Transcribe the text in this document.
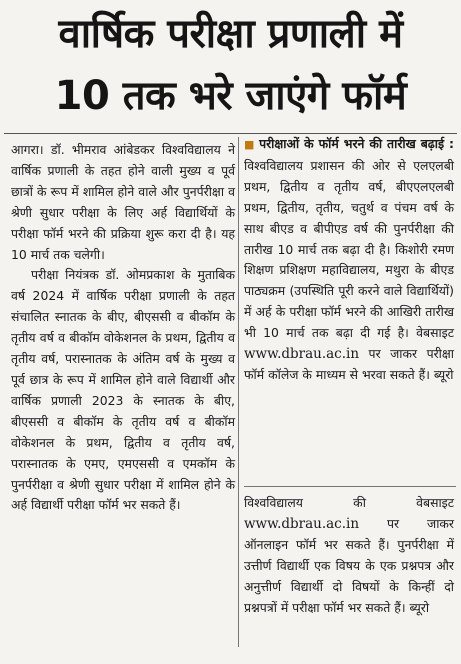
वार्षिक परीक्षा प्रणाली में
10 तक भरे जाएंगे फॉर्म

आगरा। डॉ. भीमराव आंबेडकर विश्वविद्यालय ने वार्षिक प्रणाली के तहत होने वाली मुख्य व पूर्व छात्रों के रूप में शामिल होने वाले और पुनर्परीक्षा व श्रेणी सुधार परीक्षा के लिए अर्ह विद्यार्थियों के परीक्षा फॉर्म भरने की प्रक्रिया शुरू करा दी है। यह 10 मार्च तक चलेगी।

परीक्षा नियंत्रक डॉ. ओमप्रकाश के मुताबिक वर्ष 2024 में वार्षिक परीक्षा प्रणाली के तहत संचालित स्नातक के बीए, बीएससी व बीकॉम के तृतीय वर्ष व बीकॉम वोकेशनल के प्रथम, द्वितीय व तृतीय वर्ष, परास्नातक के अंतिम वर्ष के मुख्य व पूर्व छात्र के रूप में शामिल होने वाले विद्यार्थी और वार्षिक प्रणाली 2023 के स्नातक के बीए, बीएससी व बीकॉम के तृतीय वर्ष व बीकॉम वोकेशनल के प्रथम, द्वितीय व तृतीय वर्ष, परास्नातक के एमए, एमएससी व एमकॉम के पुनर्परीक्षा व श्रेणी सुधार परीक्षा में शामिल होने के अर्ह विद्यार्थी परीक्षा फॉर्म भर सकते हैं।

■ परीक्षाओं के फॉर्म भरने की तारीख बढ़ाई : विश्वविद्यालय प्रशासन की ओर से एलएलबी प्रथम, द्वितीय व तृतीय वर्ष, बीएएलएलबी प्रथम, द्वितीय, तृतीय, चतुर्थ व पंचम वर्ष के साथ बीएड व बीपीएड वर्ष की पुनर्परीक्षा की तारीख 10 मार्च तक बढ़ा दी है। किशोरी रमण शिक्षण प्रशिक्षण महाविद्यालय, मथुरा के बीएड पाठ्यक्रम (उपस्थिति पूरी करने वाले विद्यार्थियों) में अर्ह के परीक्षा फॉर्म भरने की आखिरी तारीख भी 10 मार्च तक बढ़ा दी गई है। वेबसाइट www.dbrau.ac.in पर जाकर परीक्षा फॉर्म कॉलेज के माध्यम से भरवा सकते हैं। ब्यूरो

विश्वविद्यालय की वेबसाइट www.dbrau.ac.in पर जाकर ऑनलाइन फॉर्म भर सकते हैं। पुनर्परीक्षा में उत्तीर्ण विद्यार्थी एक विषय के एक प्रश्नपत्र और अनुत्तीर्ण विद्यार्थी दो विषयों के किन्हीं दो प्रश्नपत्रों में परीक्षा फॉर्म भर सकते हैं। ब्यूरो
